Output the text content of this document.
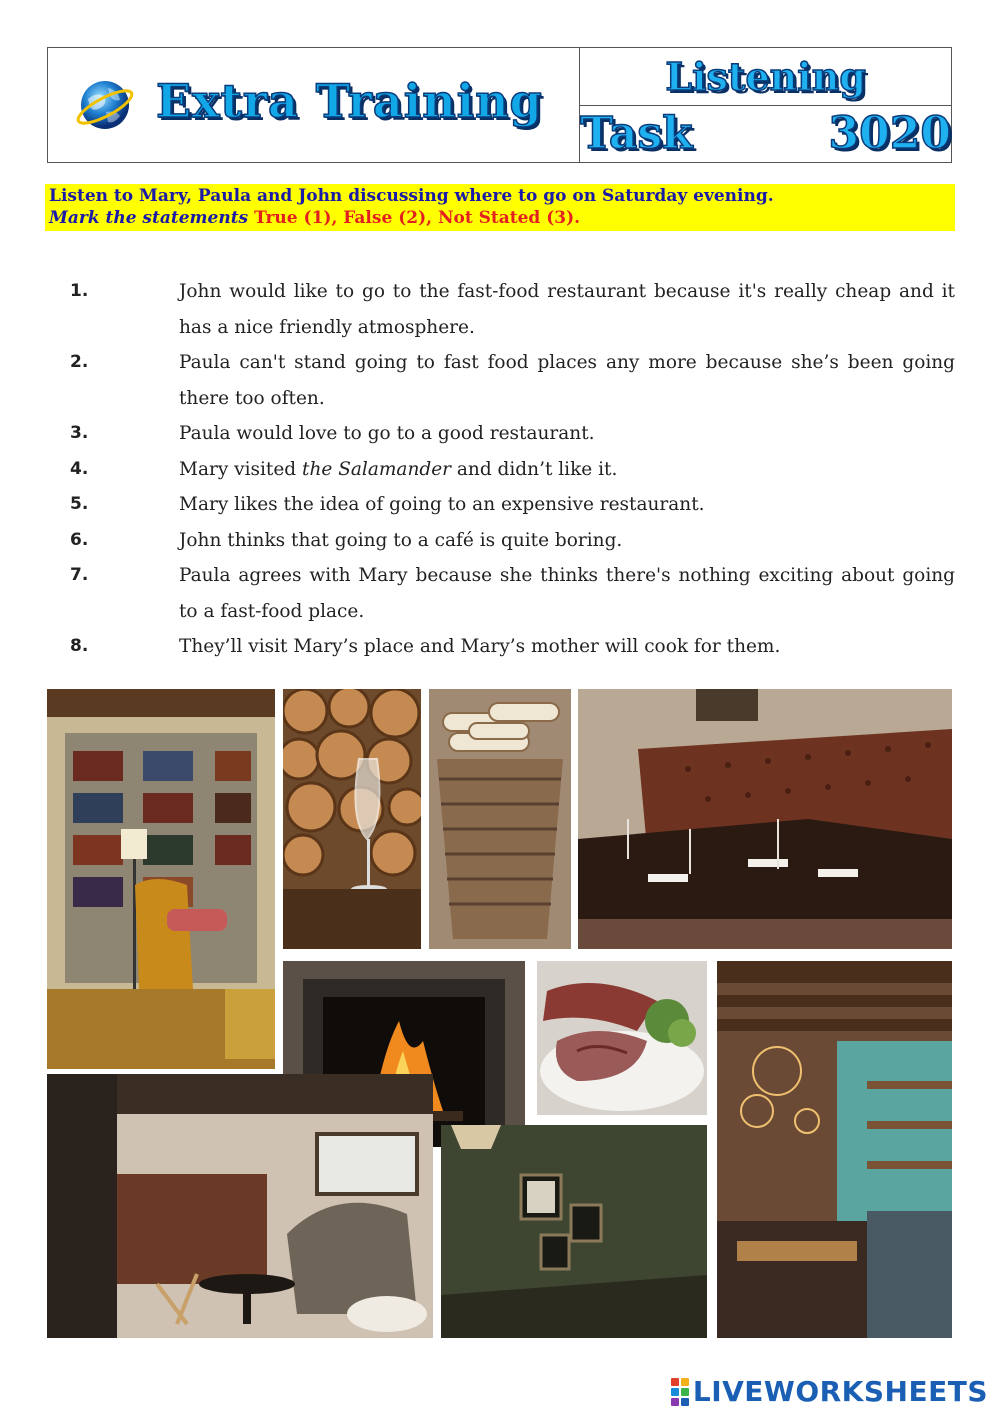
Extra Training	Listening
Task   3020
Listen to Mary, Paula and John discussing where to go on Saturday evening.
Mark the statements True (1), False (2), Not Stated (3).
1.	John would like to go to the fast-food restaurant because it's really cheap and it has a nice friendly atmosphere.
2.	Paula can't stand going to fast food places any more because she’s been going there too often.
3.	Paula would love to go to a good restaurant.
4.	Mary visited the Salamander and didn’t like it.
5.	Mary likes the idea of going to an expensive restaurant.
6.	John thinks that going to a café is quite boring.
7.	Paula agrees with Mary because she thinks there's nothing exciting about going to a fast-food place.
8.	They’ll visit Mary’s place and Mary’s mother will cook for them.
LIVEWORKSHEETS
